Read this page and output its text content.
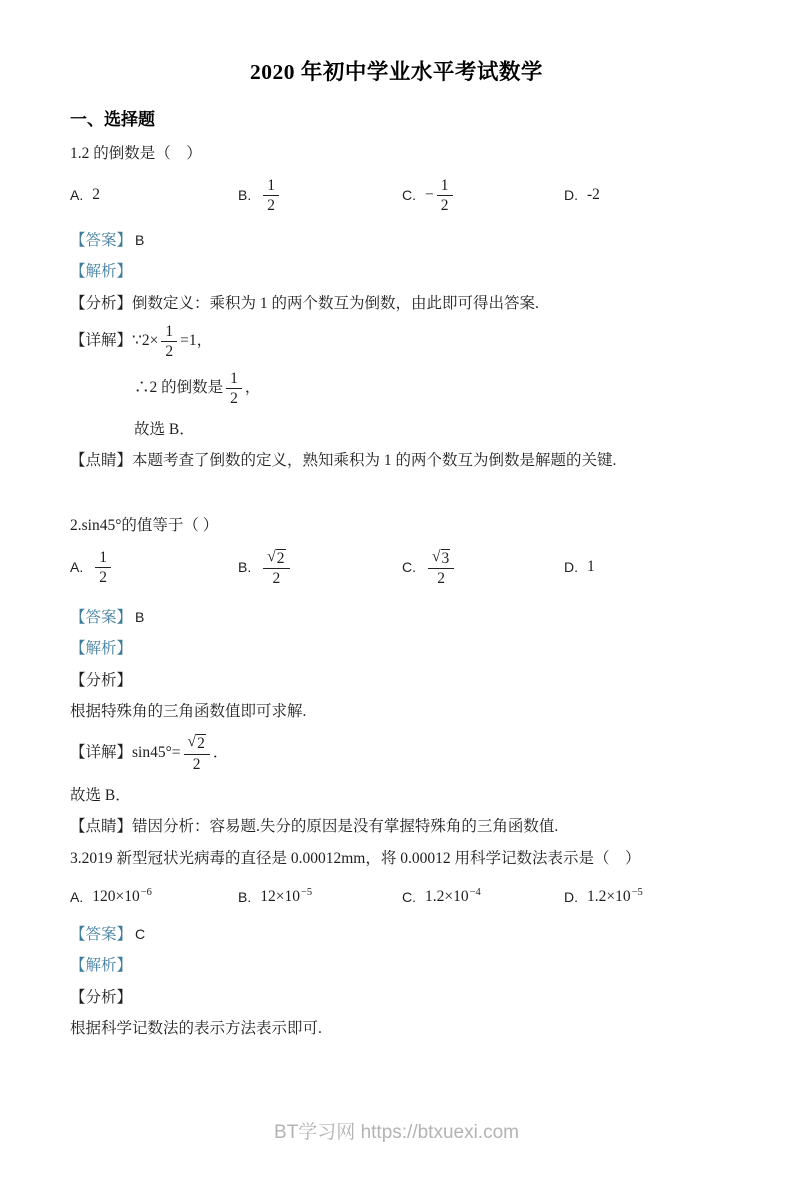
2020 年初中学业水平考试数学
一、选择题

1.2 的倒数是（　）

A. 2	B. $\frac{1}{2}$	C. − $\frac{1}{2}$	D. -2

【答案】 B

【解析】

【分析】倒数定义：乘积为 1 的两个数互为倒数，由此即可得出答案.

【详解】 ∵2× $\frac{1}{2} =1$，
∴2 的倒数是 $\frac{1}{2}$ ，

故选 B．

【点睛】本题考查了倒数的定义，熟知乘积为 1 的两个数互为倒数是解题的关键.

2.sin45°的值等于（ ）

A. $\frac{1}{2}$	B. $\frac{√ 2}{2}$	C. $\frac{√ 3}{2}$	D. 1

【答案】 B

【解析】

【分析】

根据特殊角的三角函数值即可求解.

【详解】 $\sin 45^\circ= \frac{√ 2}{2}$ ．

故选 B．

【点睛】错因分析：容易题.失分的原因是没有掌握特殊角的三角函数值.

3.2019 新型冠状光病毒的直径是 0.00012mm，将 0.00012 用科学记数法表示是（　）

A. $120\times 10^{-6}$	B. $12\times 10^{-5}$	C. $1.2\times 10^{-4}$	D. $1.2\times 10^{-5}$

【答案】 C

【解析】

【分析】

根据科学记数法的表示方法表示即可.

BT学习网 https://btxuexi.com
